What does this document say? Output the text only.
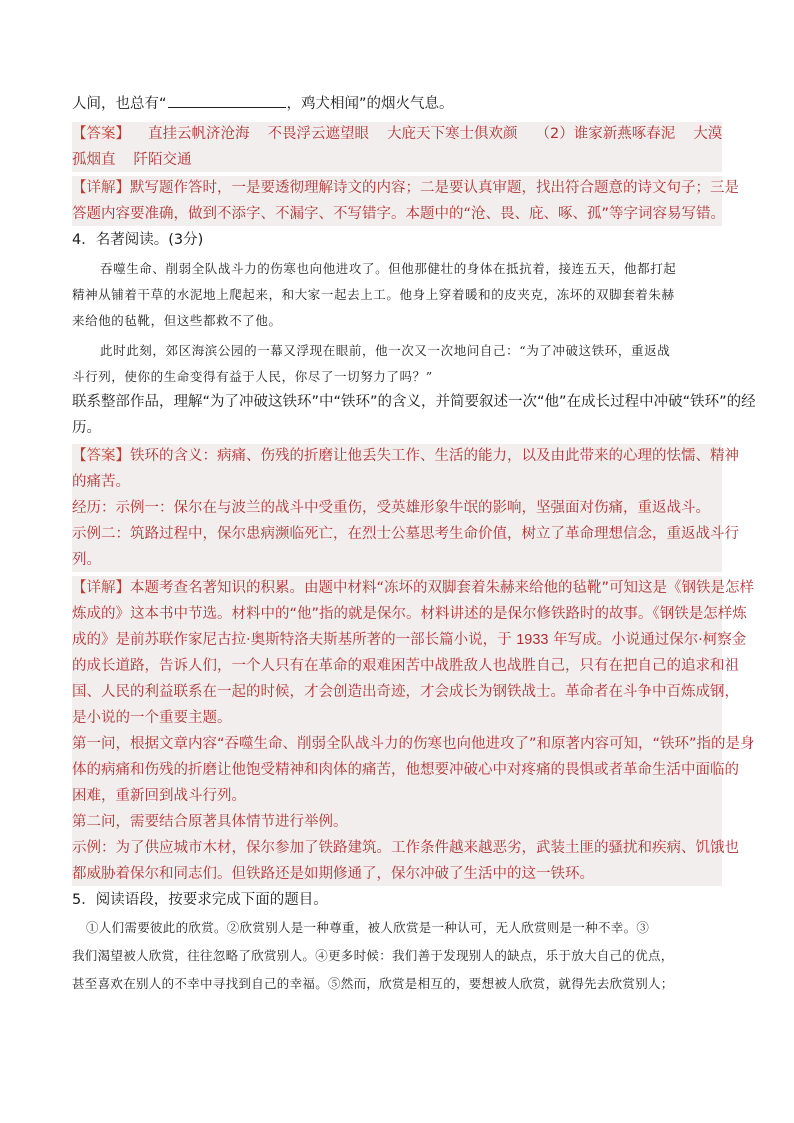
人间，也总有“	，鸡犬相闻”的烟火气息。
【答案】 直挂云帆济沧海 不畏浮云遮望眼 大庇天下寒士俱欢颜 （2）谁家新燕啄春泥 大漠
孤烟直 阡陌交通
【详解】默写题作答时，一是要透彻理解诗文的内容；二是要认真审题，找出符合题意的诗文句子；三是
答题内容要准确，做到不添字、不漏字、不写错字。本题中的“沧、畏、庇、啄、孤”等字词容易写错。
4．名著阅读。(3分)

吞噬生命、削弱全队战斗力的伤寒也向他进攻了。但他那健壮的身体在抵抗着，接连五天，他都打起

精神从铺着干草的水泥地上爬起来，和大家一起去上工。他身上穿着暖和的皮夹克，冻坏的双脚套着朱赫
来给他的毡靴，但这些都救不了他。

此时此刻，郊区海滨公园的一幕又浮现在眼前，他一次又一次地问自己：“为了冲破这铁环，重返战

斗行列，使你的生命变得有益于人民，你尽了一切努力了吗？”
联系整部作品，理解“为了冲破这铁环”中“铁环”的含义，并简要叙述一次“他”在成长过程中冲破“铁环”的经
历。
【答案】铁环的含义：病痛、伤残的折磨让他丢失工作、生活的能力，以及由此带来的心理的怯懦、精神
的痛苦。
经历：示例一：保尔在与波兰的战斗中受重伤，受英雄形象牛氓的影响，坚强面对伤痛，重返战斗。
示例二：筑路过程中，保尔患病濒临死亡，在烈士公墓思考生命价值，树立了革命理想信念，重返战斗行
列。
【详解】本题考查名著知识的积累。由题中材料“冻坏的双脚套着朱赫来给他的毡靴”可知这是《钢铁是怎样
炼成的》这本书中节选。材料中的“他”指的就是保尔。材料讲述的是保尔修铁路时的故事。《钢铁是怎样炼
成的》是前苏联作家尼古拉·奥斯特洛夫斯基所著的一部长篇小说，于 1933 年写成。小说通过保尔·柯察金
的成长道路，告诉人们，一个人只有在革命的艰难困苦中战胜敌人也战胜自己，只有在把自己的追求和祖
国、人民的利益联系在一起的时候，才会创造出奇迹，才会成长为钢铁战士。革命者在斗争中百炼成钢，
是小说的一个重要主题。
第一问，根据文章内容“吞噬生命、削弱全队战斗力的伤寒也向他进攻了”和原著内容可知，“铁环”指的是身
体的病痛和伤残的折磨让他饱受精神和肉体的痛苦，他想要冲破心中对疼痛的畏惧或者革命生活中面临的
困难，重新回到战斗行列。
第二问，需要结合原著具体情节进行举例。
示例：为了供应城市木材，保尔参加了铁路建筑。工作条件越来越恶劣，武装土匪的骚扰和疾病、饥饿也
都威胁着保尔和同志们。但铁路还是如期修通了，保尔冲破了生活中的这一铁环。
5．阅读语段，按要求完成下面的题目。
①人们需要彼此的欣赏。②欣赏别人是一种尊重，被人欣赏是一种认可，无人欣赏则是一种不幸。③
我们渴望被人欣赏，往往忽略了欣赏别人。④更多时候：我们善于发现别人的缺点，乐于放大自己的优点，
甚至喜欢在别人的不幸中寻找到自己的幸福。⑤然而，欣赏是相互的，要想被人欣赏，就得先去欣赏别人；
